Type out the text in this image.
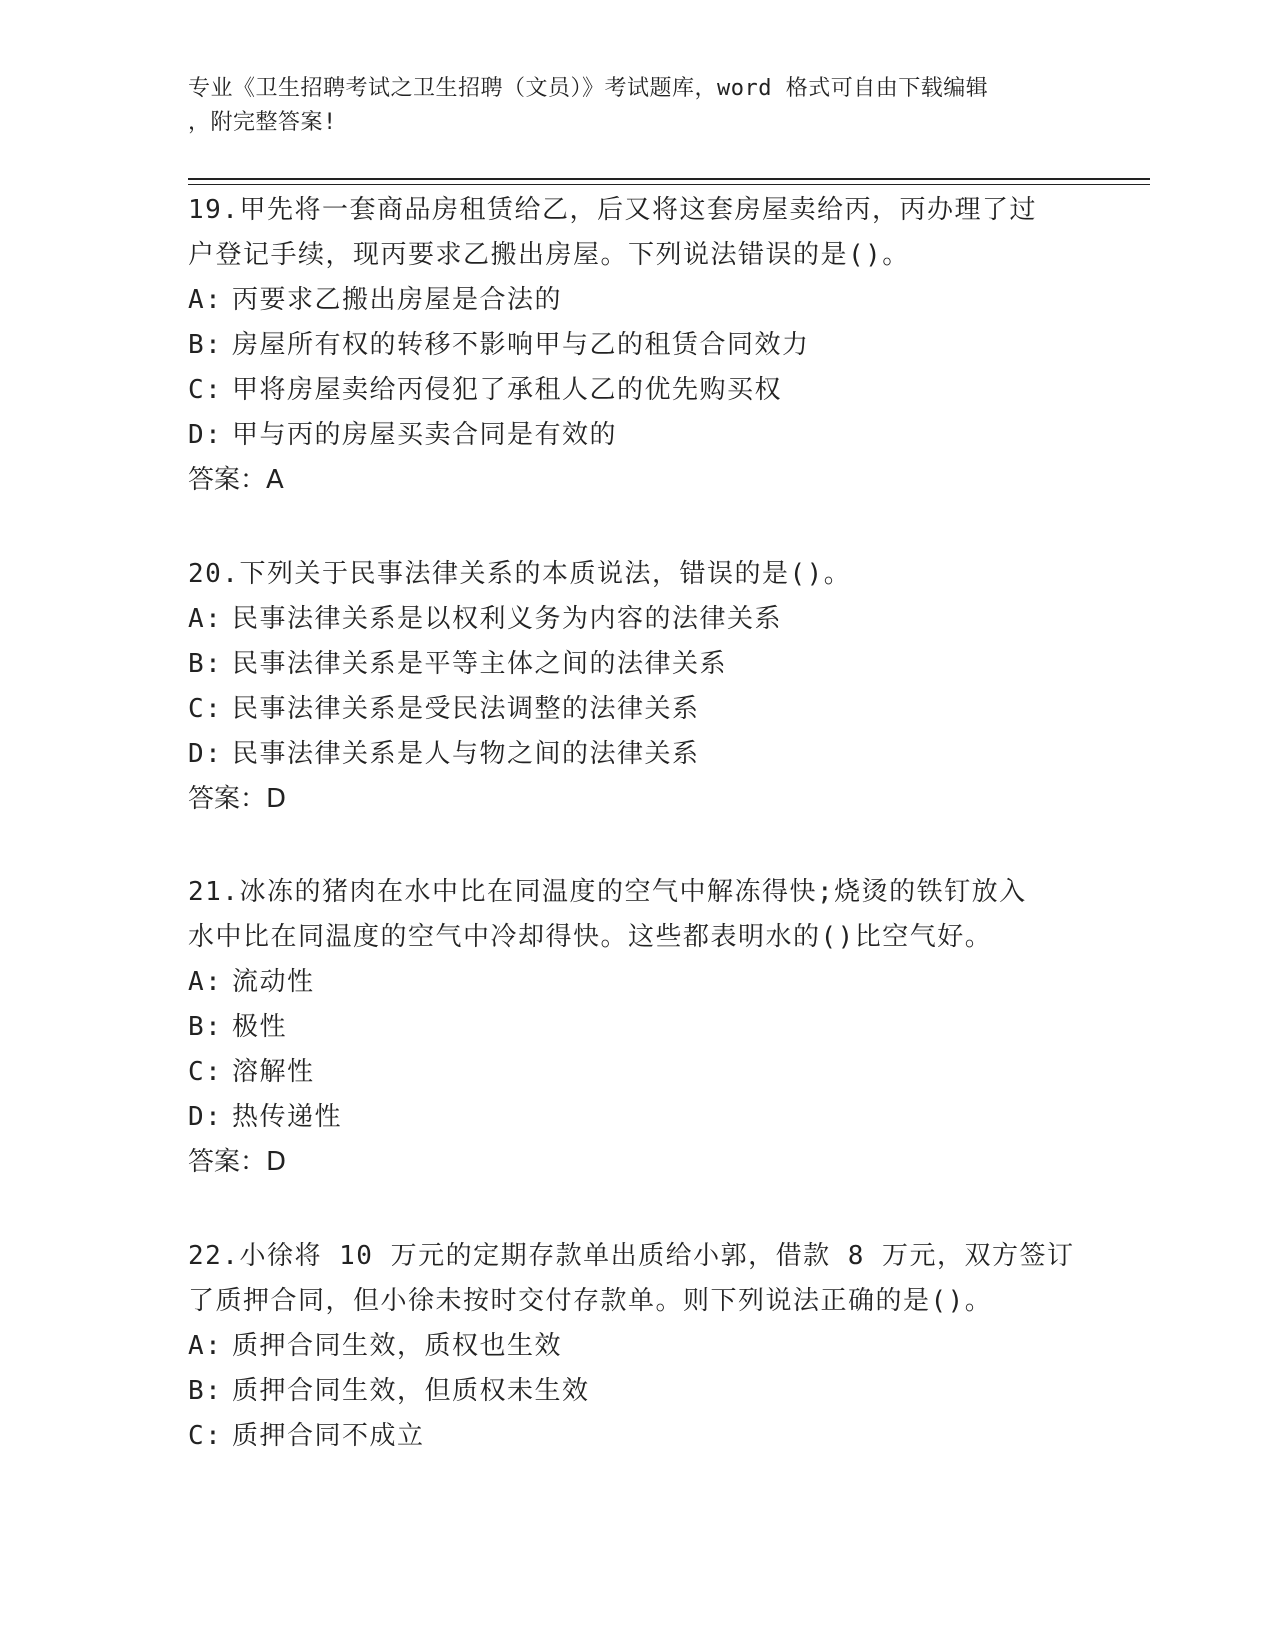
专业《卫生招聘考试之卫生招聘（文员）》考试题库，word 格式可自由下载编辑
，附完整答案!
19.甲先将一套商品房租赁给乙，后又将这套房屋卖给丙，丙办理了过
户登记手续，现丙要求乙搬出房屋。下列说法错误的是()。
A: 丙要求乙搬出房屋是合法的
B: 房屋所有权的转移不影响甲与乙的租赁合同效力
C: 甲将房屋卖给丙侵犯了承租人乙的优先购买权
D: 甲与丙的房屋买卖合同是有效的
答案：A
20.下列关于民事法律关系的本质说法，错误的是()。
A: 民事法律关系是以权利义务为内容的法律关系
B: 民事法律关系是平等主体之间的法律关系
C: 民事法律关系是受民法调整的法律关系
D: 民事法律关系是人与物之间的法律关系
答案：D
21.冰冻的猪肉在水中比在同温度的空气中解冻得快;烧烫的铁钉放入
水中比在同温度的空气中冷却得快。这些都表明水的()比空气好。
A: 流动性
B: 极性
C: 溶解性
D: 热传递性
答案：D
22.小徐将 10 万元的定期存款单出质给小郭，借款 8 万元，双方签订
了质押合同，但小徐未按时交付存款单。则下列说法正确的是()。
A: 质押合同生效，质权也生效
B: 质押合同生效，但质权未生效
C: 质押合同不成立
